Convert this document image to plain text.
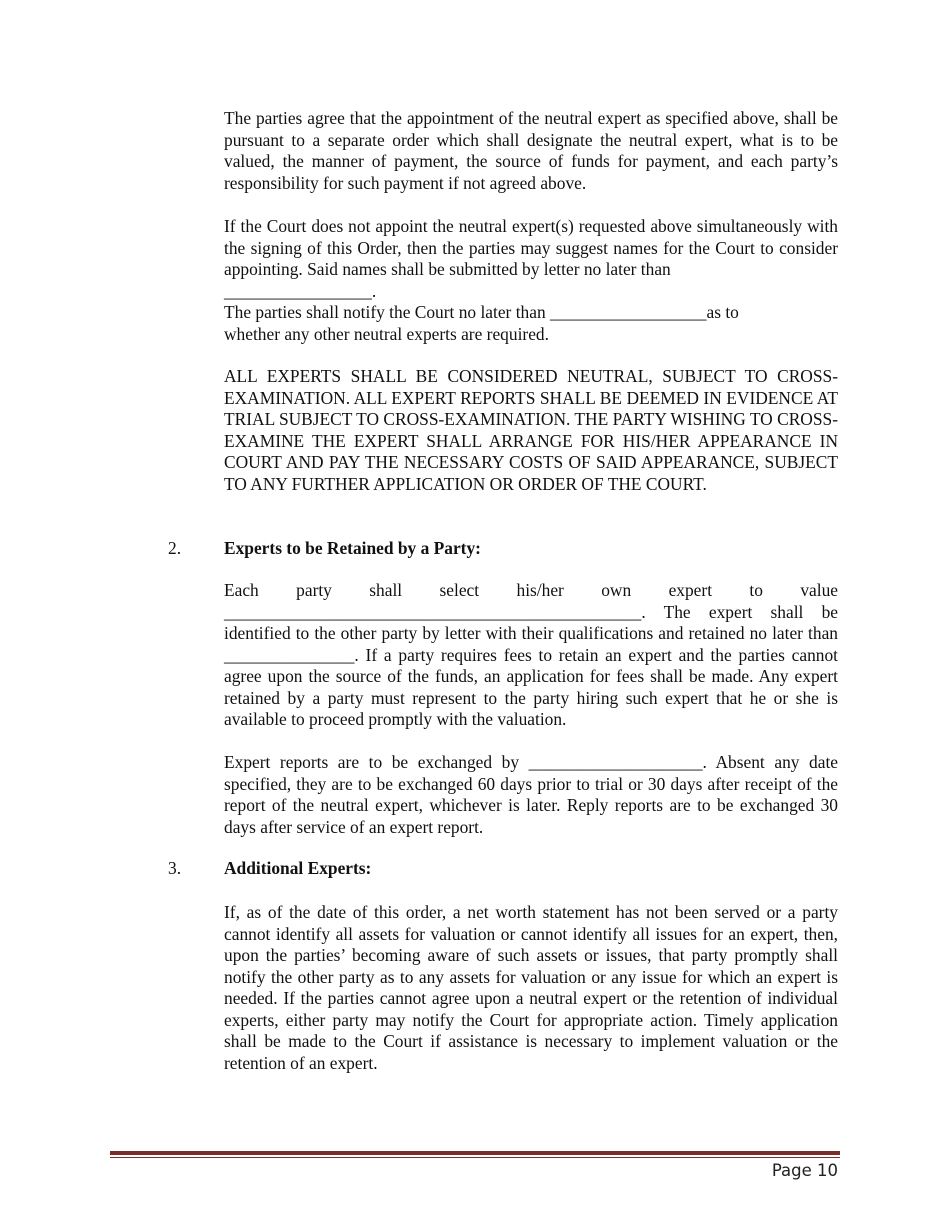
The parties agree that the appointment of the neutral expert as specified above, shall be pursuant to a separate order which shall designate the neutral expert, what is to be valued, the manner of payment, the source of funds for payment, and each party’s responsibility for such payment if not agreed above.

If the Court does not appoint the neutral expert(s) requested above simultaneously with the signing of this Order, then the parties may suggest names for the Court to consider appointing. Said names shall be submitted by letter no later than

_________________.
The parties shall notify the Court no later than __________________as to
whether any other neutral experts are required.

ALL EXPERTS SHALL BE CONSIDERED NEUTRAL, SUBJECT TO CROSS-EXAMINATION. ALL EXPERT REPORTS SHALL BE DEEMED IN EVIDENCE AT TRIAL SUBJECT TO CROSS-EXAMINATION. THE PARTY WISHING TO CROSS-EXAMINE THE EXPERT SHALL ARRANGE FOR HIS/HER APPEARANCE IN COURT AND PAY THE NECESSARY COSTS OF SAID APPEARANCE, SUBJECT TO ANY FURTHER APPLICATION OR ORDER OF THE COURT.

2. Experts to be Retained by a Party:
Each party shall select his/her own expert to value
________________________________________________. The expert shall be identified to the other party by letter with their qualifications and retained no later than _______________. If a party requires fees to retain an expert and the parties cannot agree upon the source of the funds, an application for fees shall be made. Any expert retained by a party must represent to the party hiring such expert that he or she is available to proceed promptly with the valuation.

Expert reports are to be exchanged by ____________________. Absent any date specified, they are to be exchanged 60 days prior to trial or 30 days after receipt of the report of the neutral expert, whichever is later. Reply reports are to be exchanged 30 days after service of an expert report.

3. Additional Experts:

If, as of the date of this order, a net worth statement has not been served or a party cannot identify all assets for valuation or cannot identify all issues for an expert, then, upon the parties’ becoming aware of such assets or issues, that party promptly shall notify the other party as to any assets for valuation or any issue for which an expert is needed. If the parties cannot agree upon a neutral expert or the retention of individual experts, either party may notify the Court for appropriate action. Timely application shall be made to the Court if assistance is necessary to implement valuation or the retention of an expert.

Page 10
